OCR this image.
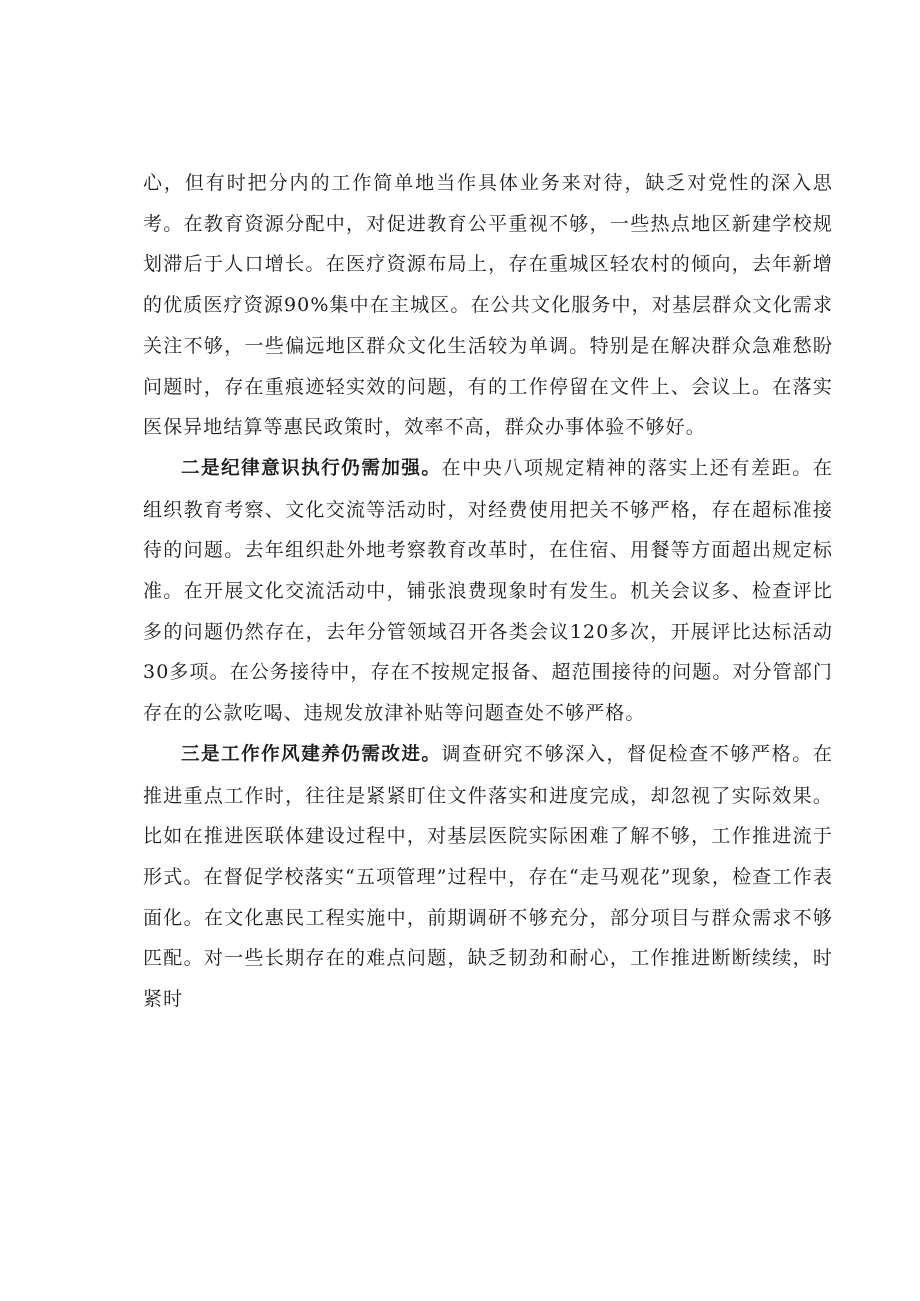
心，但有时把分内的工作简单地当作具体业务来对待，缺乏对党性的深入思考。在教育资源分配中，对促进教育公平重视不够，一些热点地区新建学校规划滞后于人口增长。在医疗资源布局上，存在重城区轻农村的倾向，去年新增的优质医疗资源90%集中在主城区。在公共文化服务中，对基层群众文化需求关注不够，一些偏远地区群众文化生活较为单调。特别是在解决群众急难愁盼问题时，存在重痕迹轻实效的问题，有的工作停留在文件上、会议上。在落实医保异地结算等惠民政策时，效率不高，群众办事体验不够好。

二是纪律意识执行仍需加强。在中央八项规定精神的落实上还有差距。在组织教育考察、文化交流等活动时，对经费使用把关不够严格，存在超标准接待的问题。去年组织赴外地考察教育改革时，在住宿、用餐等方面超出规定标准。在开展文化交流活动中，铺张浪费现象时有发生。机关会议多、检查评比多的问题仍然存在，去年分管领域召开各类会议120多次，开展评比达标活动30多项。在公务接待中，存在不按规定报备、超范围接待的问题。对分管部门存在的公款吃喝、违规发放津补贴等问题查处不够严格。

三是工作作风建养仍需改进。调查研究不够深入，督促检查不够严格。在推进重点工作时，往往是紧紧盯住文件落实和进度完成，却忽视了实际效果。比如在推进医联体建设过程中，对基层医院实际困难了解不够，工作推进流于形式。在督促学校落实“五项管理”过程中，存在“走马观花”现象，检查工作表面化。在文化惠民工程实施中，前期调研不够充分，部分项目与群众需求不够匹配。对一些长期存在的难点问题，缺乏韧劲和耐心，工作推进断断续续，时紧时
